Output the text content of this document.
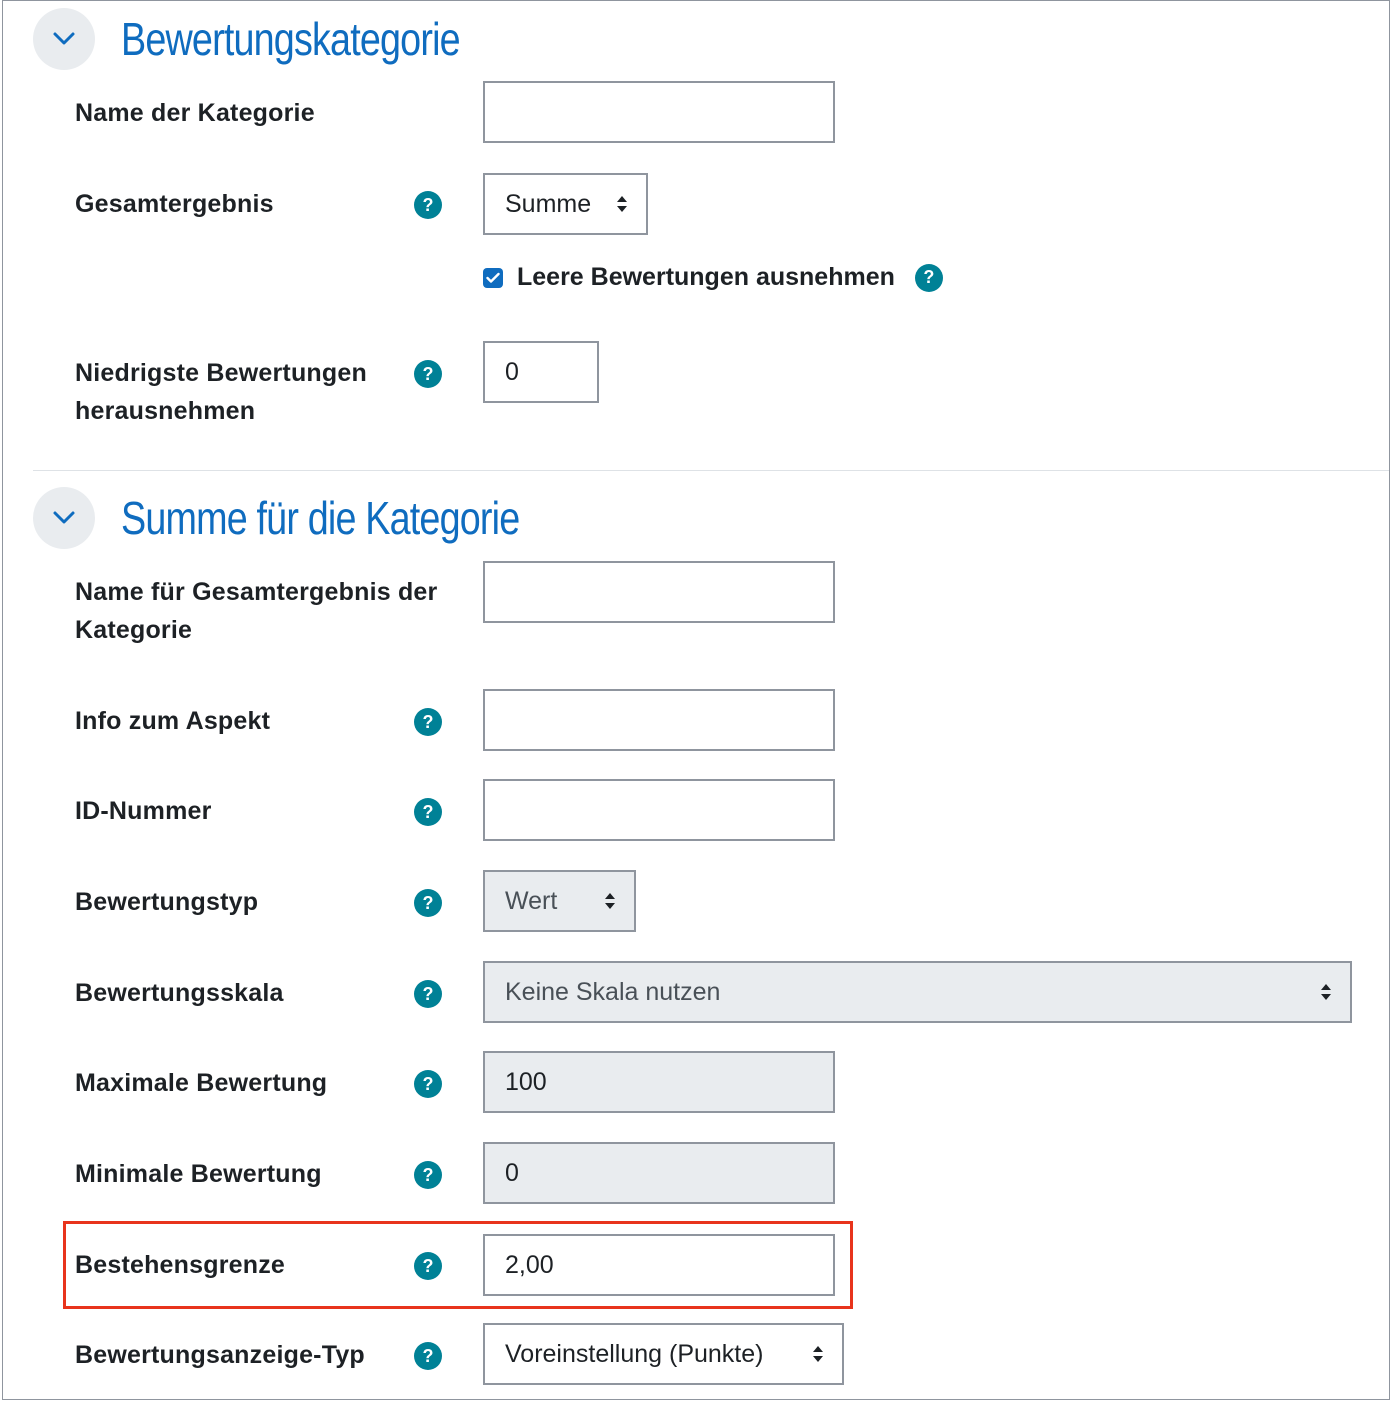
Bewertungskategorie
Name der Kategorie
Gesamtergebnis	?	Summe
Leere Bewertungen ausnehmen	?
Niedrigste Bewertungen
herausnehmen
?	0
Summe für die Kategorie
Name für Gesamtergebnis der
Kategorie
Info zum Aspekt	?
ID-Nummer	?
Bewertungstyp	?	Wert
Bewertungsskala	?	Keine Skala nutzen
Maximale Bewertung	?	100
Minimale Bewertung	?	0
Bestehensgrenze	?	2,00
Bewertungsanzeige-Typ	?	Voreinstellung (Punkte)
